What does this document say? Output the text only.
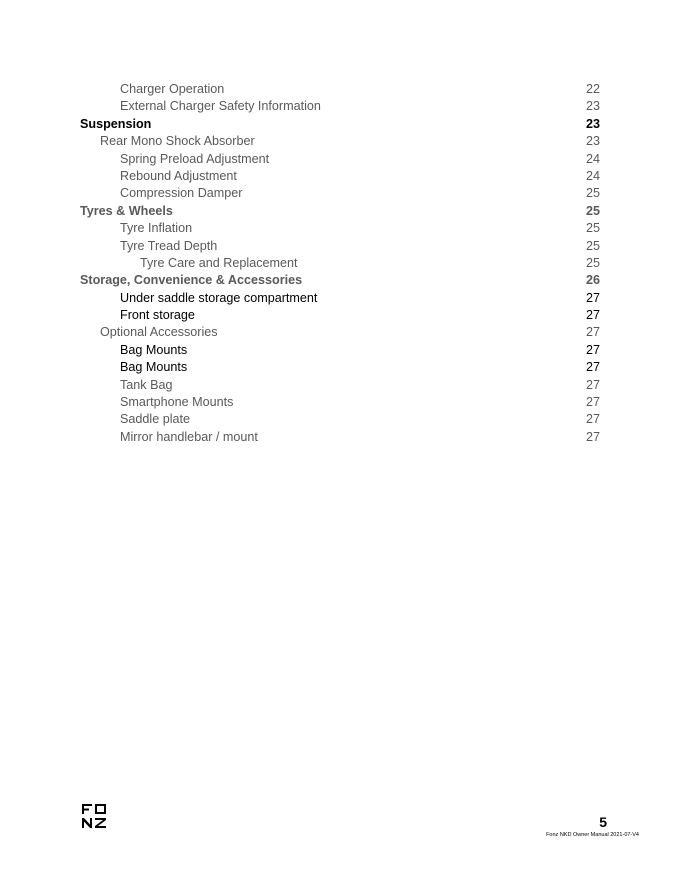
Charger Operation	22
External Charger Safety Information	23
Suspension	23
Rear Mono Shock Absorber	23
Spring Preload Adjustment	24
Rebound Adjustment	24
Compression Damper	25
Tyres & Wheels	25
Tyre Inflation	25
Tyre Tread Depth	25
Tyre Care and Replacement	25
Storage, Convenience & Accessories	26
Under saddle storage compartment	27
Front storage	27
Optional Accessories	27
Bag Mounts	27
Bag Mounts	27
Tank Bag	27
Smartphone Mounts	27
Saddle plate	27
Mirror handlebar / mount	27
5
Fonz NKD Owner Manual 2021-07-V4
